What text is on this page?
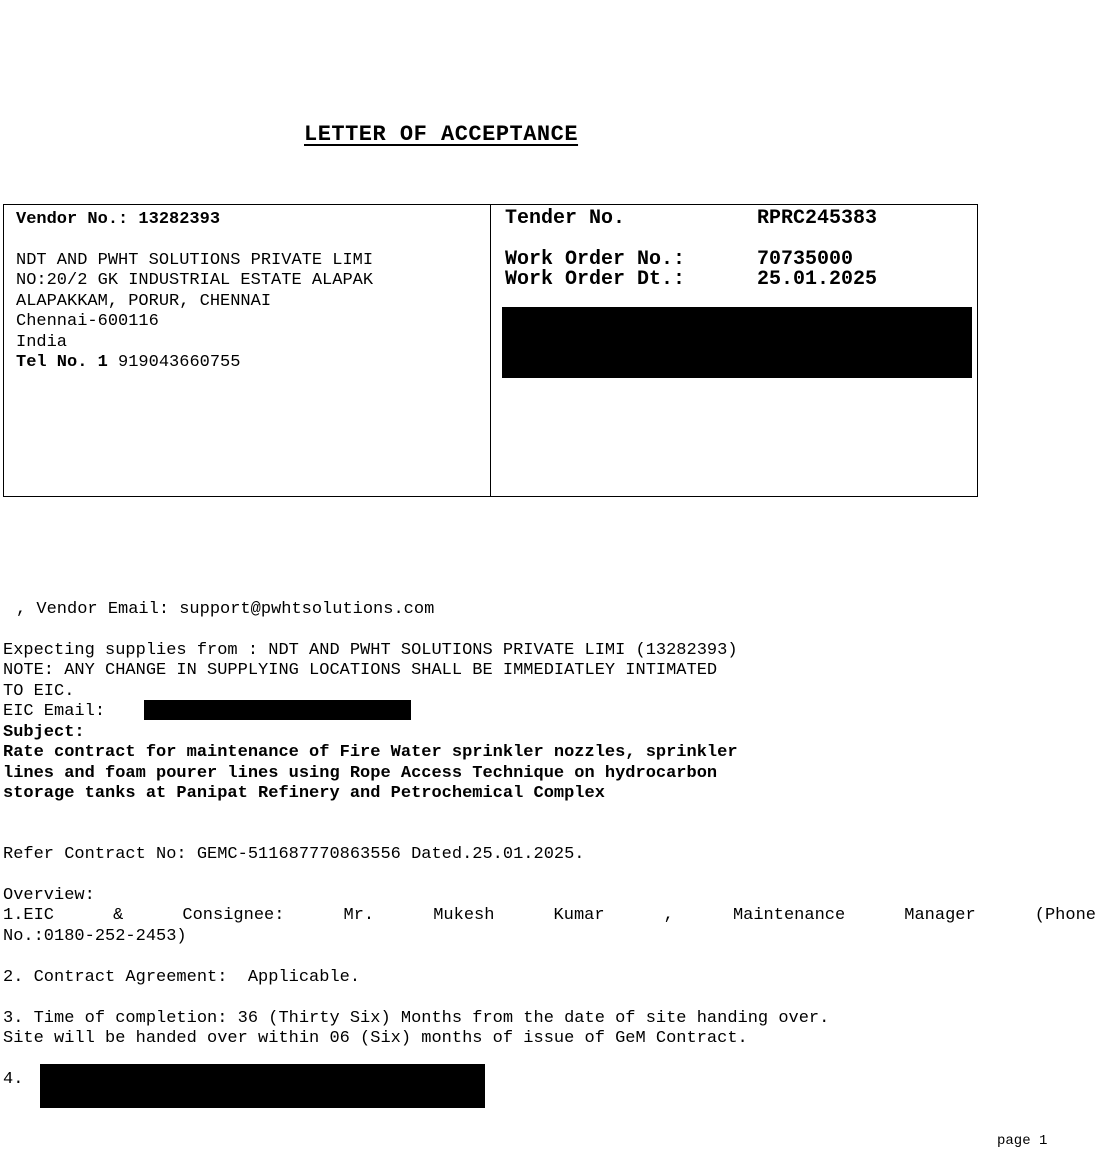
LETTER OF ACCEPTANCE
Vendor No.: 13282393
NDT AND PWHT SOLUTIONS PRIVATE LIMI
NO:20/2 GK INDUSTRIAL ESTATE ALAPAK
ALAPAKKAM, PORUR, CHENNAI
Chennai-600116
India
Tel No. 1 919043660755
Tender No.	RPRC245383
Work Order No.:	70735000
Work Order Dt.:	25.01.2025
, Vendor Email: support@pwhtsolutions.com
Expecting supplies from : NDT AND PWHT SOLUTIONS PRIVATE LIMI (13282393)
NOTE: ANY CHANGE IN SUPPLYING LOCATIONS SHALL BE IMMEDIATLEY INTIMATED
TO EIC.
EIC Email:
Subject:
Rate contract for maintenance of Fire Water sprinkler nozzles, sprinkler
lines and foam pourer lines using Rope Access Technique on hydrocarbon
storage tanks at Panipat Refinery and Petrochemical Complex
Refer Contract No: GEMC-511687770863556 Dated.25.01.2025.
Overview:
1.EIC	&	Consignee:	Mr.	Mukesh	Kumar	,	Maintenance	Manager	(Phone
No.:0180-252-2453)
2. Contract Agreement:  Applicable.
3. Time of completion: 36 (Thirty Six) Months from the date of site handing over.
Site will be handed over within 06 (Six) months of issue of GeM Contract.
4.
page 1
